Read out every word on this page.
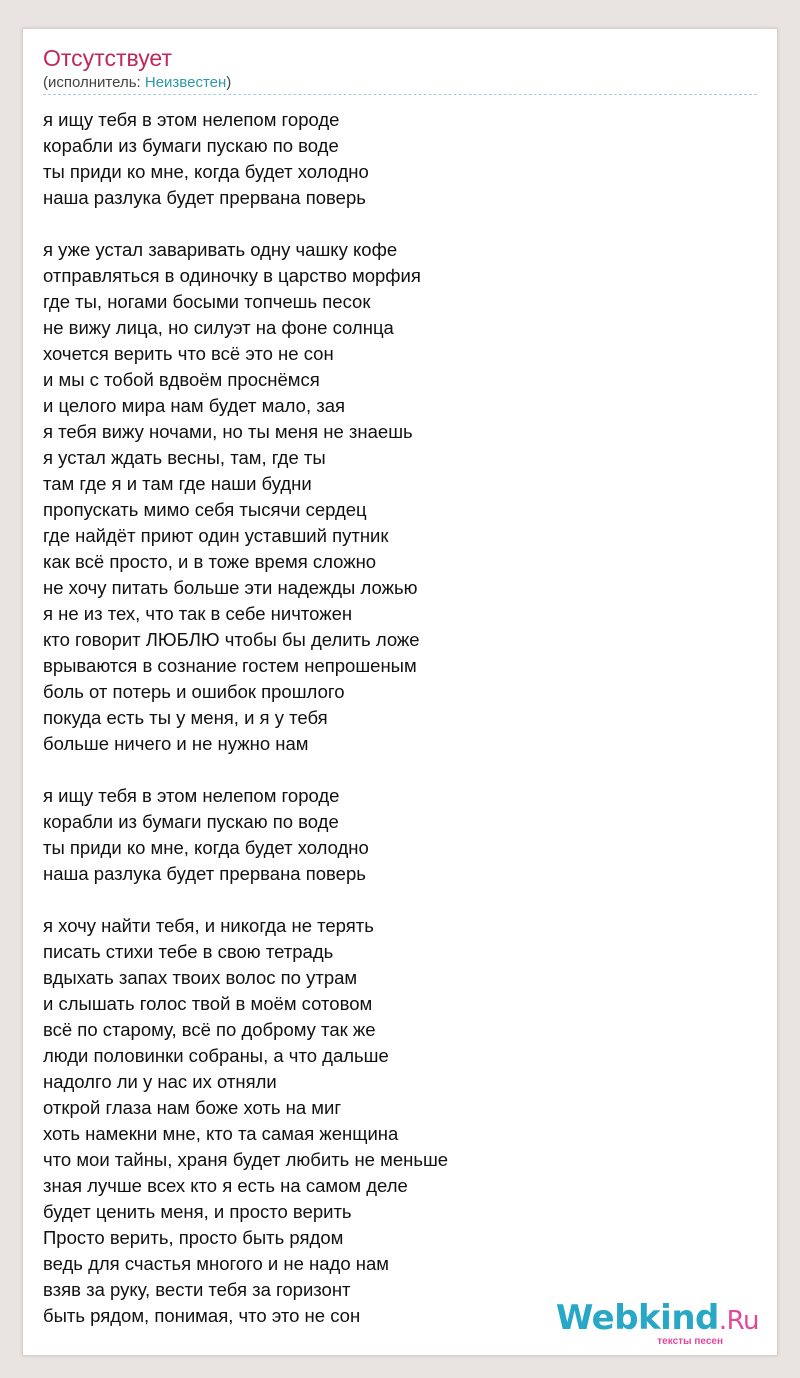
Отсутствует
(исполнитель: Неизвестен)
я ищу тебя в этом нелепом городе
корабли из бумаги пускаю по воде
ты приди ко мне, когда будет холодно
наша разлука будет прервана поверь
я уже устал заваривать одну чашку кофе
отправляться в одиночку в царство морфия
где ты, ногами босыми топчешь песок
не вижу лица, но силуэт на фоне солнца
хочется верить что всё это не сон
и мы с тобой вдвоём проснёмся
и целого мира нам будет мало, зая
я тебя вижу ночами, но ты меня не знаешь
я устал ждать весны, там, где ты
там где я и там где наши будни
пропускать мимо себя тысячи сердец
где найдёт приют один уставший путник
как всё просто, и в тоже время сложно
не хочу питать больше эти надежды ложью
я не из тех, что так в себе ничтожен
кто говорит ЛЮБЛЮ чтобы бы делить ложе
врываются в сознание гостем непрошеным
боль от потерь и ошибок прошлого
покуда есть ты у меня, и я у тебя
больше ничего и не нужно нам
я ищу тебя в этом нелепом городе
корабли из бумаги пускаю по воде
ты приди ко мне, когда будет холодно
наша разлука будет прервана поверь
я хочу найти тебя, и никогда не терять
писать стихи тебе в свою тетрадь
вдыхать запах твоих волос по утрам
и слышать голос твой в моём сотовом
всё по старому, всё по доброму так же
люди половинки собраны, а что дальше
надолго ли у нас их отняли
открой глаза нам боже хоть на миг
хоть намекни мне, кто та самая женщина
что мои тайны, храня будет любить не меньше
зная лучше всех кто я есть на самом деле
будет ценить меня, и просто верить
Просто верить, просто быть рядом
ведь для счастья многого и не надо нам
взяв за руку, вести тебя за горизонт
быть рядом, понимая, что это не сон	Webkind.Ru
тексты песен
